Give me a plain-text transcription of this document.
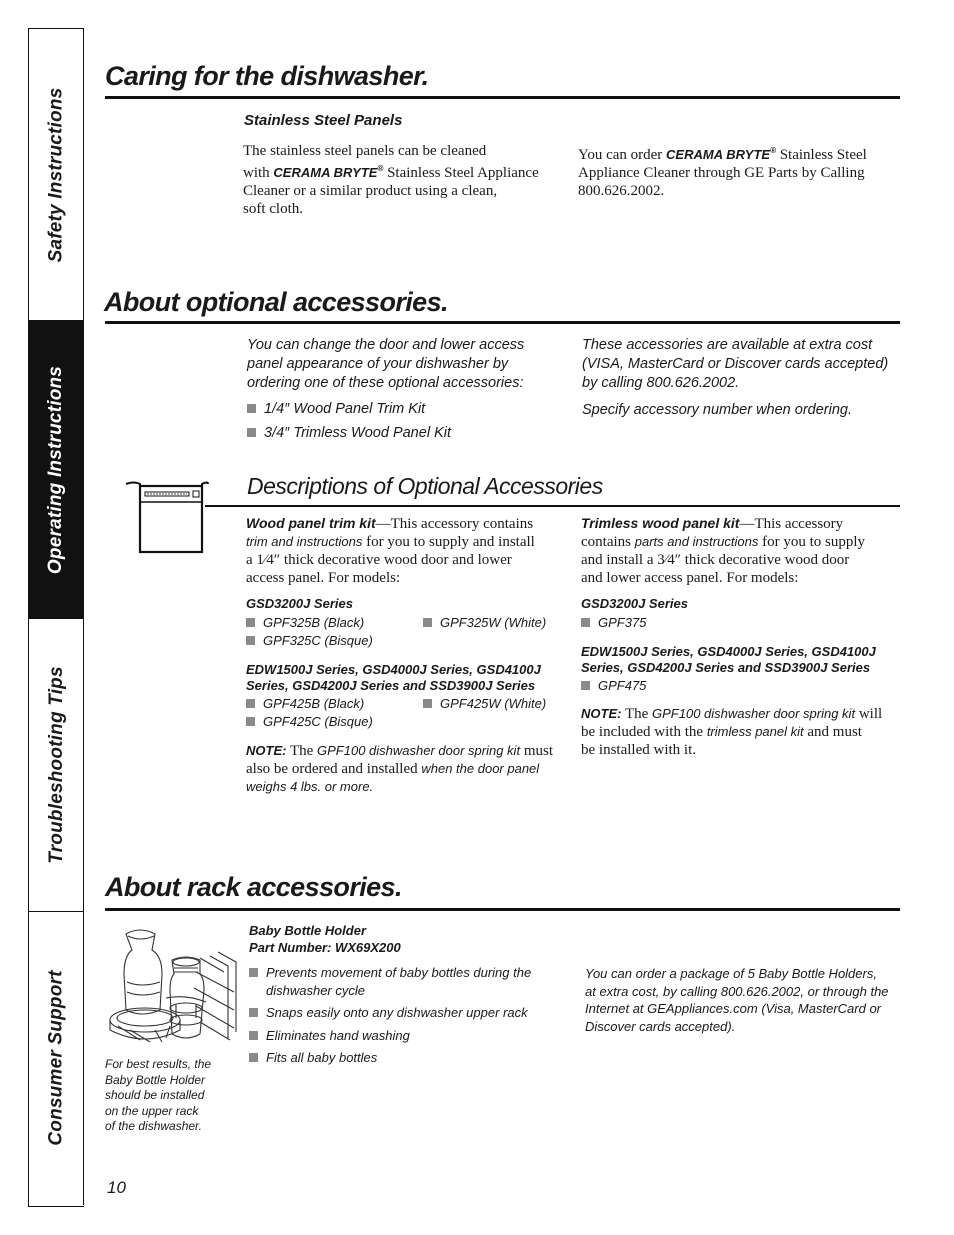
Safety Instructions
Operating Instructions
Troubleshooting Tips
Consumer Support
Caring for the dishwasher.
Stainless Steel Panels
The stainless steel panels can be cleaned
with CERAMA BRYTE® Stainless Steel Appliance
Cleaner or a similar product using a clean,
soft cloth.
You can order CERAMA BRYTE® Stainless Steel
Appliance Cleaner through GE Parts by Calling
800.626.2002.
About optional accessories.
You can change the door and lower access
panel appearance of your dishwasher by
ordering one of these optional accessories:
1/4″ Wood Panel Trim Kit
3/4″ Trimless Wood Panel Kit
These accessories are available at extra cost
(VISA, MasterCard or Discover cards accepted)
by calling 800.626.2002.
Specify accessory number when ordering.
Descriptions of Optional Accessories
Wood panel trim kit—This accessory contains
trim and instructions for you to supply and install
a 1⁄4″ thick decorative wood door and lower
access panel. For models:
GSD3200J Series
GPF325B (Black)	GPF325W (White)
GPF325C (Bisque)
EDW1500J Series, GSD4000J Series, GSD4100J
Series, GSD4200J Series and SSD3900J Series
GPF425B (Black)	GPF425W (White)
GPF425C (Bisque)
NOTE: The GPF100 dishwasher door spring kit must
also be ordered and installed when the door panel
weighs 4 lbs. or more.
Trimless wood panel kit—This accessory
contains parts and instructions for you to supply
and install a 3⁄4″ thick decorative wood door
and lower access panel. For models:
GSD3200J Series
GPF375
EDW1500J Series, GSD4000J Series, GSD4100J
Series, GSD4200J Series and SSD3900J Series
GPF475
NOTE: The GPF100 dishwasher door spring kit will
be included with the trimless panel kit and must
be installed with it.
About rack accessories.
For best results, the
Baby Bottle Holder
should be installed
on the upper rack
of the dishwasher.
Baby Bottle Holder
Part Number: WX69X200
Prevents movement of baby bottles during the
dishwasher cycle
Snaps easily onto any dishwasher upper rack
Eliminates hand washing
Fits all baby bottles
You can order a package of 5 Baby Bottle Holders,
at extra cost, by calling 800.626.2002, or through the
Internet at GEAppliances.com (Visa, MasterCard or
Discover cards accepted).
10
